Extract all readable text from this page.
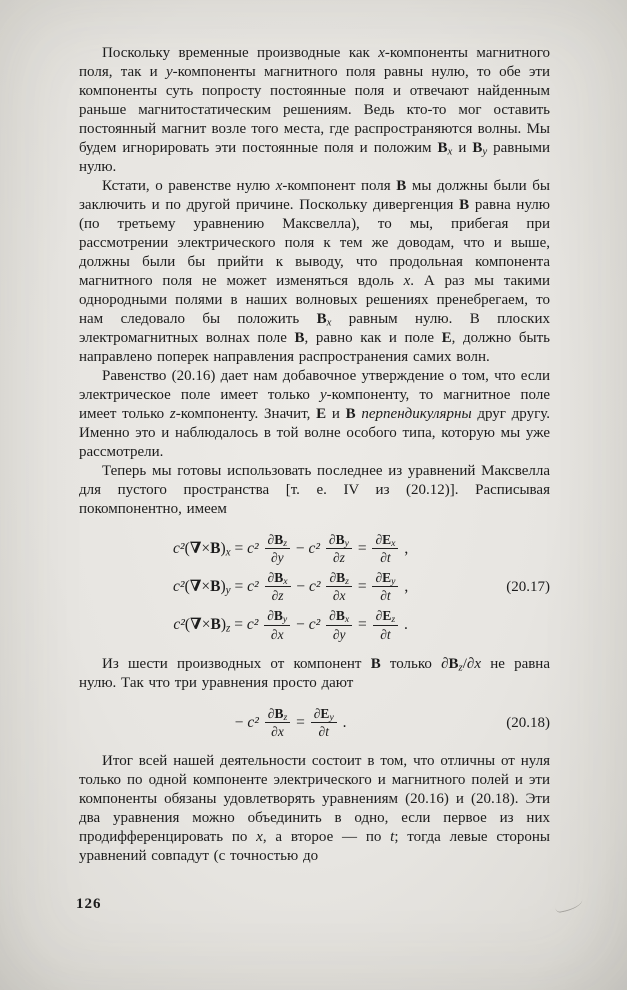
Поскольку временные производные как x-компоненты магнитного поля, так и y-компоненты магнитного поля равны нулю, то обе эти компоненты суть попросту постоянные поля и отвечают найденным раньше магнитостатическим решениям. Ведь кто-то мог оставить постоянный магнит возле того места, где распространяются волны. Мы будем игнорировать эти постоянные поля и положим Bx и By равными нулю.

Кстати, о равенстве нулю x-компонент поля B мы должны были бы заключить и по другой причине. Поскольку дивергенция B равна нулю (по третьему уравнению Максвелла), то мы, прибегая при рассмотрении электрического поля к тем же доводам, что и выше, должны были бы прийти к выводу, что продольная компонента магнитного поля не может изменяться вдоль x. А раз мы такими однородными полями в наших волновых решениях пренебрегаем, то нам следовало бы положить Bx равным нулю. В плоских электромагнитных волнах поле B, равно как и поле E, должно быть направлено поперек направления распространения самих волн.

Равенство (20.16) дает нам добавочное утверждение о том, что если электрическое поле имеет только y-компоненту, то магнитное поле имеет только z-компоненту. Значит, E и B перпендикулярны друг другу. Именно это и наблюдалось в той волне особого типа, которую мы уже рассмотрели.

Теперь мы готовы использовать последнее из уравнений Максвелла для пустого пространства [т. е. IV из (20.12)]. Расписывая покомпонентно, имеем

$c^2(\nabla\times B)x = c^2 \frac{\partial Bz}{\partial y} - c^2 \frac{\partial By}{\partial z} = \frac{\partial Ex}{\partial t}$ ,
$c^2(\nabla\times B)y = c^2 \frac{\partial Bx}{\partial z} - c^2 \frac{\partial Bz}{\partial x} = \frac{\partial Ey}{\partial t}$ ,
$c^2(\nabla\times B)z = c^2 \frac{\partial By}{\partial x} - c^2 \frac{\partial Bx}{\partial y} = \frac{\partial Ez}{\partial t}$ .
(20.17)

Из шести производных от компонент B только ∂Bz/∂x не равна нулю. Так что три уравнения просто дают

− $c^2 \frac{\partial Bz}{\partial x} = \frac{\partial Ey}{\partial t}$ .	(20.18)

Итог всей нашей деятельности состоит в том, что отличны от нуля только по одной компоненте электрического и магнитного полей и эти компоненты обязаны удовлетворять уравнениям (20.16) и (20.18). Эти два уравнения можно объединить в одно, если первое из них продифференцировать по x, а второе — по t; тогда левые стороны уравнений совпадут (с точностью до

126
